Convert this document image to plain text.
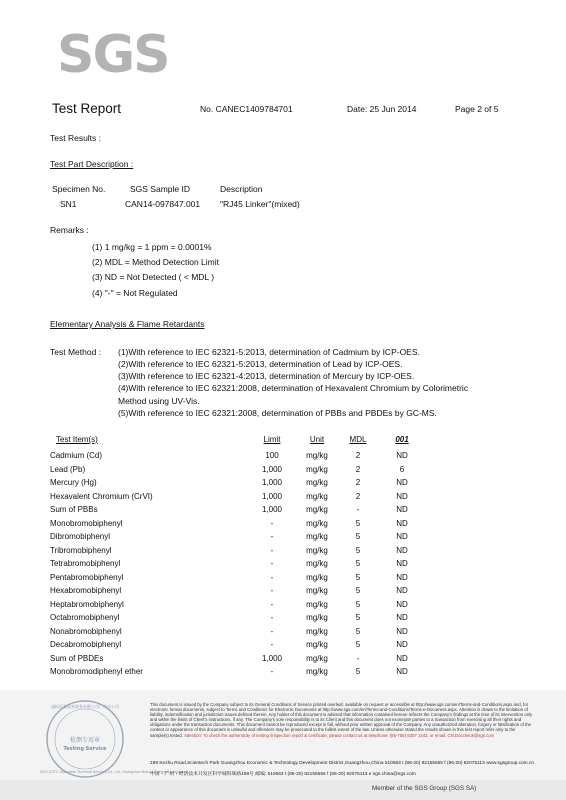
SGS
Test Report	No. CANEC1409784701	Date: 25 Jun 2014	Page 2 of 5
Test Results :
Test Part Description :
Specimen No.	SGS Sample ID	Description
SN1	CAN14-097847.001 "RJ45 Linker"(mixed)
Remarks :
(1) 1 mg/kg = 1 ppm = 0.0001%
(2) MDL = Method Detection Limit
(3) ND = Not Detected ( < MDL )
(4) "-" = Not Regulated
Elementary Analysis & Flame Retardants
Test Method : (1)With reference to IEC 62321-5:2013, determination of Cadmium by ICP-OES.
(2)With reference to IEC 62321-5:2013, determination of Lead by ICP-OES.
(3)With reference to IEC 62321-4:2013, determination of Mercury by ICP-OES.
(4)With reference to IEC 62321:2008, determination of Hexavalent Chromium by Colorimetric
Method using UV-Vis.
(5)With reference to IEC 62321:2008, determination of PBBs and PBDEs by GC-MS.
Test Item(s)	Limit	Unit	MDL	001
Cadmium (Cd)	100	mg/kg	2	ND
Lead (Pb)	1,000	mg/kg	2	6
Mercury (Hg)	1,000	mg/kg	2	ND
Hexavalent Chromium (CrVI)	1,000	mg/kg	2	ND
Sum of PBBs	1,000	mg/kg	-	ND
Monobromobiphenyl	-	mg/kg	5	ND
Dibromobiphenyl	-	mg/kg	5	ND
Tribromobiphenyl	-	mg/kg	5	ND
Tetrabromobiphenyl	-	mg/kg	5	ND
Pentabromobiphenyl	-	mg/kg	5	ND
Hexabromobiphenyl	-	mg/kg	5	ND
Heptabromobiphenyl	-	mg/kg	5	ND
Octabromobiphenyl	-	mg/kg	5	ND
Nonabromobiphenyl	-	mg/kg	5	ND
Decabromobiphenyl	-	mg/kg	5	ND
Sum of PBDEs	1,000	mg/kg	-	ND
Monobromodiphenyl ether	-	mg/kg	5	ND
通标标准技术服务有限公司广州分公司
检测专用章
Testing Service
SGS-CSTC Standards Technical Services Co., Ltd. Guangzhou Branch Chemical Laboratory
This document is issued by the Company subject to its General Conditions of Service printed overleaf, available on request or accessible at http://www.sgs.com/en/Terms-and-Conditions.aspx and, for electronic format documents, subject to Terms and Conditions for Electronic Documents at http://www.sgs.com/en/Terms-and-Conditions/Terms-e-Document.aspx. Attention is drawn to the limitation of liability, indemnification and jurisdiction issues defined therein. Any holder of this document is advised that information contained hereon reflects the Company's findings at the time of its intervention only and within the limits of Client's instructions, if any. The Company's sole responsibility is to its Client and this document does not exonerate parties to a transaction from exercising all their rights and obligations under the transaction documents. This document cannot be reproduced except in full, without prior written approval of the Company. Any unauthorized alteration, forgery or falsification of the content or appearance of this document is unlawful and offenders may be prosecuted to the fullest extent of the law. Unless otherwise stated the results shown in this test report refer only to the sample(s) tested. Attention: To check the authenticity of testing /inspection report & certificate, please contact us at telephone: (86-755) 8307 1443, or email: CN.Doccheck@sgs.com
198 Kezhu Road,Scientech Park Guangzhou Economic & Technology Development District,Guangzhou,China 510663 t (86-20) 82155555 f (86-20) 82075113 www.sgsgroup.com.cn
中国・广州・经济技术开发区科学城科珠路198号 邮编: 510663 t (86-20) 82155555 f (86-20) 82075113 e sgs.china@sgs.com
Member of the SGS Group (SGS SA)
